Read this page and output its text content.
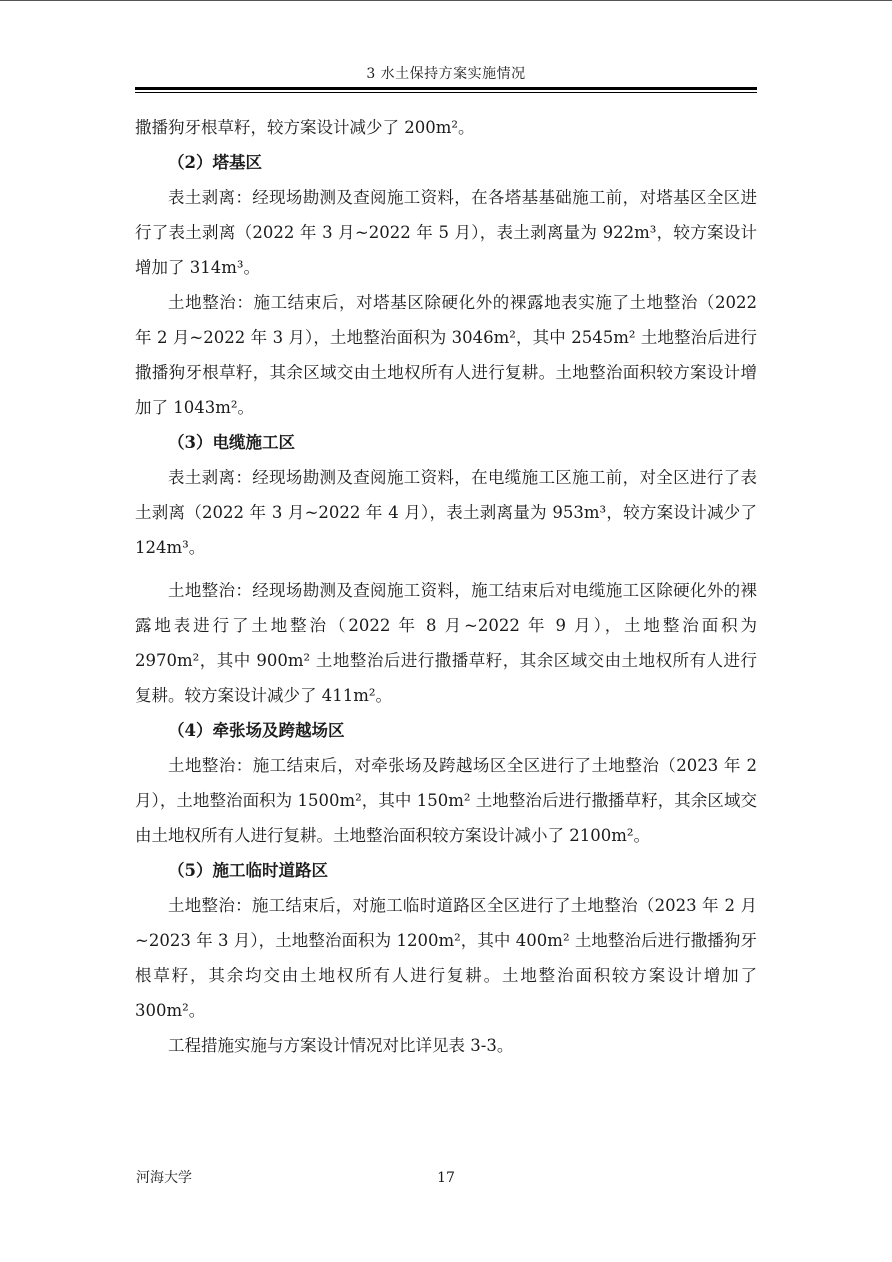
3 水土保持方案实施情况

撒播狗牙根草籽，较方案设计减少了 200m²。

（2）塔基区

表土剥离：经现场勘测及查阅施工资料，在各塔基基础施工前，对塔基区全区进行了表土剥离（2022 年 3 月~2022 年 5 月），表土剥离量为 922m³，较方案设计增加了 314m³。

土地整治：施工结束后，对塔基区除硬化外的裸露地表实施了土地整治（2022 年 2 月~2022 年 3 月），土地整治面积为 3046m²，其中 2545m² 土地整治后进行撒播狗牙根草籽，其余区域交由土地权所有人进行复耕。土地整治面积较方案设计增加了 1043m²。

（3）电缆施工区

表土剥离：经现场勘测及查阅施工资料，在电缆施工区施工前，对全区进行了表土剥离（2022 年 3 月~2022 年 4 月），表土剥离量为 953m³，较方案设计减少了 124m³。

土地整治：经现场勘测及查阅施工资料，施工结束后对电缆施工区除硬化外的裸露地表进行了土地整治（2022 年 8 月~2022 年 9 月），土地整治面积为 2970m²，其中 900m² 土地整治后进行撒播草籽，其余区域交由土地权所有人进行复耕。较方案设计减少了 411m²。

（4）牵张场及跨越场区

土地整治：施工结束后，对牵张场及跨越场区全区进行了土地整治（2023 年 2 月），土地整治面积为 1500m²，其中 150m² 土地整治后进行撒播草籽，其余区域交由土地权所有人进行复耕。土地整治面积较方案设计减小了 2100m²。

（5）施工临时道路区

土地整治：施工结束后，对施工临时道路区全区进行了土地整治（2023 年 2 月~2023 年 3 月），土地整治面积为 1200m²，其中 400m² 土地整治后进行撒播狗牙根草籽，其余均交由土地权所有人进行复耕。土地整治面积较方案设计增加了 300m²。

工程措施实施与方案设计情况对比详见表 3-3。

河海大学	17
